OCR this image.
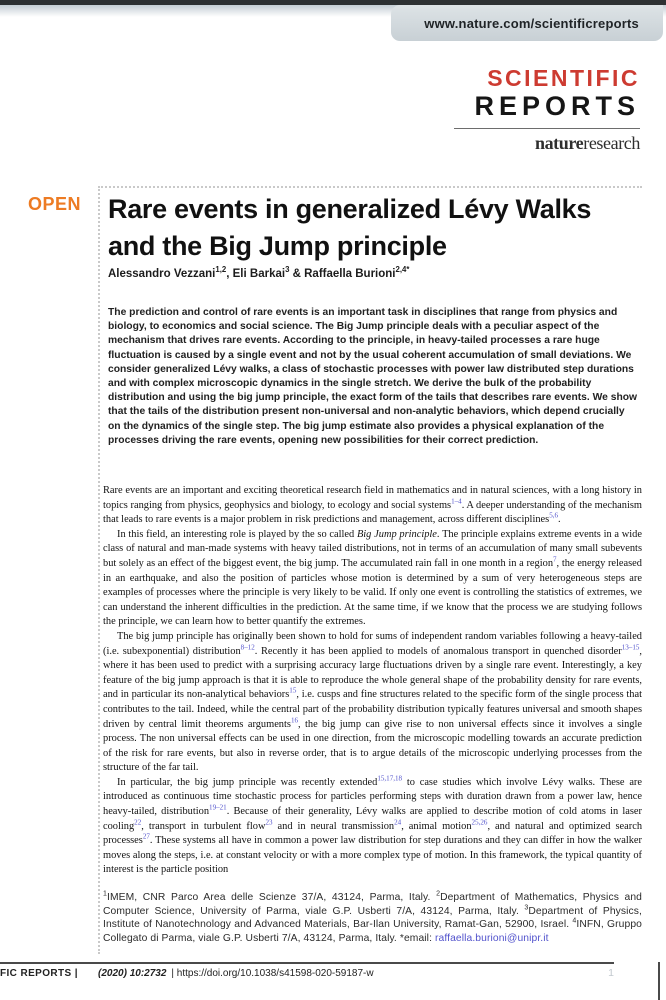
www.nature.com/scientificreports
SCIENTIFIC
REPORTS
natureresearch
OPEN Rare events in generalized Lévy Walks and the Big Jump principle
Alessandro Vezzani$^{1,2}$, Eli Barkai$^3$ & Raffaella Burioni$^{2,4*}$
The prediction and control of rare events is an important task in disciplines that range from physics and biology, to economics and social science. The Big Jump principle deals with a peculiar aspect of the mechanism that drives rare events. According to the principle, in heavy-tailed processes a rare huge fluctuation is caused by a single event and not by the usual coherent accumulation of small deviations. We consider generalized Lévy walks, a class of stochastic processes with power law distributed step durations and with complex microscopic dynamics in the single stretch. We derive the bulk of the probability distribution and using the big jump principle, the exact form of the tails that describes rare events. We show that the tails of the distribution present non-universal and non-analytic behaviors, which depend crucially on the dynamics of the single step. The big jump estimate also provides a physical explanation of the processes driving the rare events, opening new possibilities for their correct prediction.

Rare events are an important and exciting theoretical research field in mathematics and in natural sciences, with a long history in topics ranging from physics, geophysics and biology, to ecology and social systems$^{1-4}$. A deeper understanding of the mechanism that leads to rare events is a major problem in risk predictions and management, across different disciplines$^{5,6}$.

In this field, an interesting role is played by the so called Big Jump principle. The principle explains extreme events in a wide class of natural and man-made systems with heavy tailed distributions, not in terms of an accumulation of many small subevents but solely as an effect of the biggest event, the big jump. The accumulated rain fall in one month in a region$^7$, the energy released in an earthquake, and also the position of particles whose motion is determined by a sum of very heterogeneous steps are examples of processes where the principle is very likely to be valid. If only one event is controlling the statistics of extremes, we can understand the inherent difficulties in the prediction. At the same time, if we know that the process we are studying follows the principle, we can learn how to better quantify the extremes.

The big jump principle has originally been shown to hold for sums of independent random variables following a heavy-tailed (i.e. subexponential) distribution$^{8-12}$. Recently it has been applied to models of anomalous transport in quenched disorder$^{13-15}$, where it has been used to predict with a surprising accuracy large fluctuations driven by a single rare event. Interestingly, a key feature of the big jump approach is that it is able to reproduce the whole general shape of the probability density for rare events, and in particular its non-analytical behaviors$^{15}$, i.e. cusps and fine structures related to the specific form of the single process that contributes to the tail. Indeed, while the central part of the probability distribution typically features universal and smooth shapes driven by central limit theorems arguments$^{16}$, the big jump can give rise to non universal effects since it involves a single process. The non universal effects can be used in one direction, from the microscopic modelling towards an accurate prediction of the risk for rare events, but also in reverse order, that is to argue details of the microscopic underlying processes from the structure of the far tail.

In particular, the big jump principle was recently extended$^{15,17,18}$ to case studies which involve Lévy walks. These are introduced as continuous time stochastic process for particles performing steps with duration drawn from a power law, hence heavy-tailed, distribution$^{19-21}$. Because of their generality, Lévy walks are applied to describe motion of cold atoms in laser cooling$^{22}$, transport in turbulent flow$^{23}$ and in neural transmission$^{24}$, animal motion$^{25,26}$, and natural and optimized search processes$^{27}$. These systems all have in common a power law distribution for step durations and they can differ in how the walker moves along the steps, i.e. at constant velocity or with a more complex type of motion. In this framework, the typical quantity of interest is the particle position

$^1$IMEM, CNR Parco Area delle Scienze 37/A, 43124, Parma, Italy. $^2$Department of Mathematics, Physics and Computer Science, University of Parma, viale G.P. Usberti 7/A, 43124, Parma, Italy. $^3$Department of Physics, Institute of Nanotechnology and Advanced Materials, Bar-Ilan University, Ramat-Gan, 52900, Israel. $^4$INFN, Gruppo Collegato di Parma, viale G.P. Usberti 7/A, 43124, Parma, Italy. *email: raffaella.burioni@unipr.it
FIC REPORTS | (2020) 10:2732 | https://doi.org/10.1038/s41598-020-59187-w	1
